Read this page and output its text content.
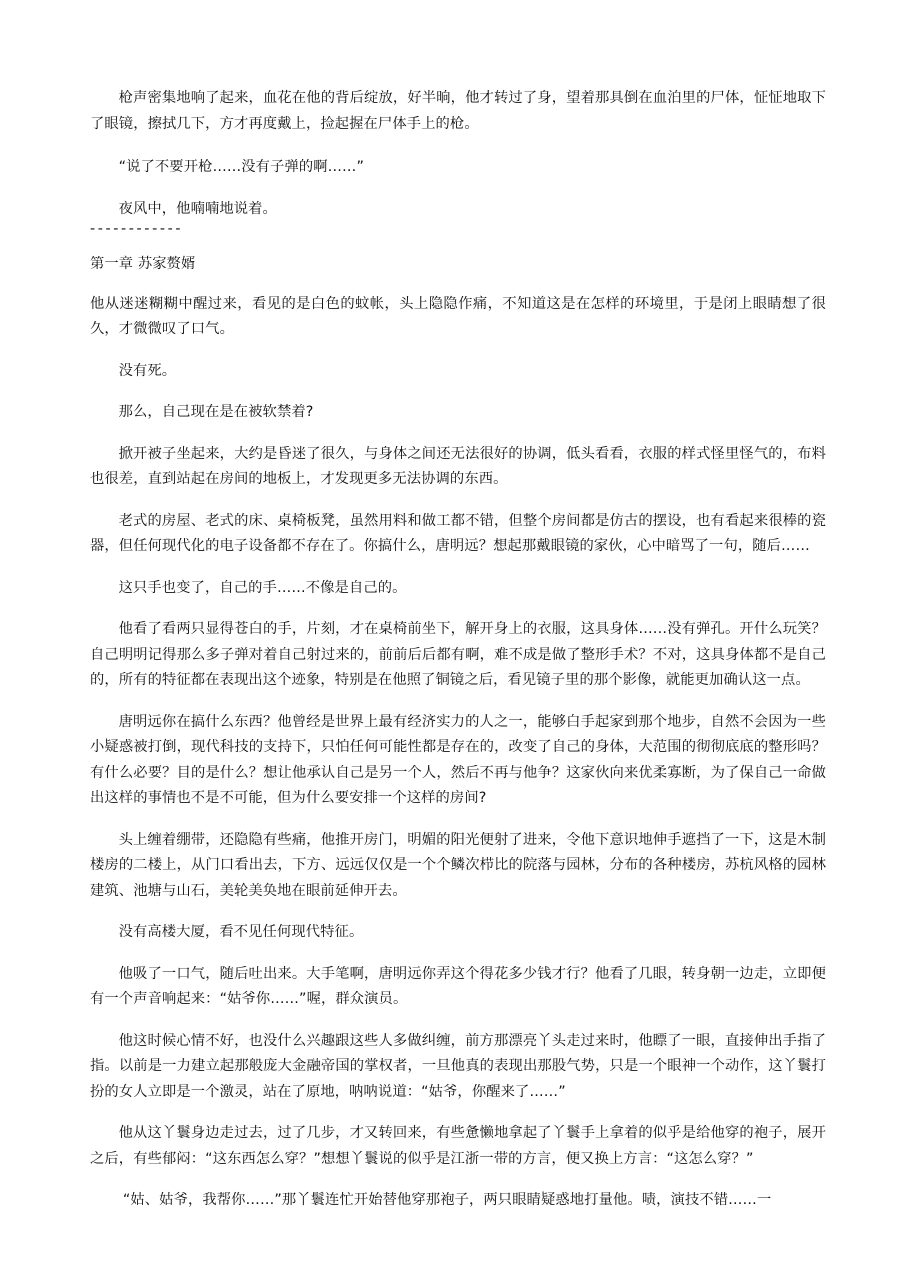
枪声密集地响了起来，血花在他的背后绽放，好半晌，他才转过了身，望着那具倒在血泊里的尸体，怔怔地取下了眼镜，擦拭几下，方才再度戴上，捡起握在尸体手上的枪。

“说了不要开枪……没有子弹的啊……”

夜风中，他喃喃地说着。

------------
第一章 苏家赘婿

他从迷迷糊糊中醒过来，看见的是白色的蚊帐，头上隐隐作痛，不知道这是在怎样的环境里，于是闭上眼睛想了很久，才微微叹了口气。

没有死。

那么，自己现在是在被软禁着?

掀开被子坐起来，大约是昏迷了很久，与身体之间还无法很好的协调，低头看看，衣服的样式怪里怪气的，布料也很差，直到站起在房间的地板上，才发现更多无法协调的东西。

老式的房屋、老式的床、桌椅板凳，虽然用料和做工都不错，但整个房间都是仿古的摆设，也有看起来很棒的瓷器，但任何现代化的电子设备都不存在了。你搞什么，唐明远？想起那戴眼镜的家伙，心中暗骂了一句，随后……

这只手也变了，自己的手……不像是自己的。

他看了看两只显得苍白的手，片刻，才在桌椅前坐下，解开身上的衣服，这具身体……没有弹孔。开什么玩笑？自己明明记得那么多子弹对着自己射过来的，前前后后都有啊，难不成是做了整形手术？不对，这具身体都不是自己的，所有的特征都在表现出这个迹象，特别是在他照了铜镜之后，看见镜子里的那个影像，就能更加确认这一点。

唐明远你在搞什么东西？他曾经是世界上最有经济实力的人之一，能够白手起家到那个地步，自然不会因为一些小疑惑被打倒，现代科技的支持下，只怕任何可能性都是存在的，改变了自己的身体，大范围的彻彻底底的整形吗？有什么必要？目的是什么？想让他承认自己是另一个人，然后不再与他争？这家伙向来优柔寡断，为了保自己一命做出这样的事情也不是不可能，但为什么要安排一个这样的房间?

头上缠着绷带，还隐隐有些痛，他推开房门，明媚的阳光便射了进来，令他下意识地伸手遮挡了一下，这是木制楼房的二楼上，从门口看出去，下方、远远仅仅是一个个鳞次栉比的院落与园林，分布的各种楼房，苏杭风格的园林建筑、池塘与山石，美轮美奂地在眼前延伸开去。

没有高楼大厦，看不见任何现代特征。

他吸了一口气，随后吐出来。大手笔啊，唐明远你弄这个得花多少钱才行？他看了几眼，转身朝一边走，立即便有一个声音响起来：“姑爷你……”喔，群众演员。

他这时候心情不好，也没什么兴趣跟这些人多做纠缠，前方那漂亮丫头走过来时，他瞟了一眼，直接伸出手指了指。以前是一力建立起那般庞大金融帝国的掌权者，一旦他真的表现出那股气势，只是一个眼神一个动作，这丫鬟打扮的女人立即是一个激灵，站在了原地，呐呐说道：“姑爷，你醒来了……”

他从这丫鬟身边走过去，过了几步，才又转回来，有些惫懒地拿起了丫鬟手上拿着的似乎是给他穿的袍子，展开之后，有些郁闷：“这东西怎么穿？”想想丫鬟说的似乎是江浙一带的方言，便又换上方言：“这怎么穿？”

“姑、姑爷，我帮你……”那丫鬟连忙开始替他穿那袍子，两只眼睛疑惑地打量他。啧，演技不错……一
